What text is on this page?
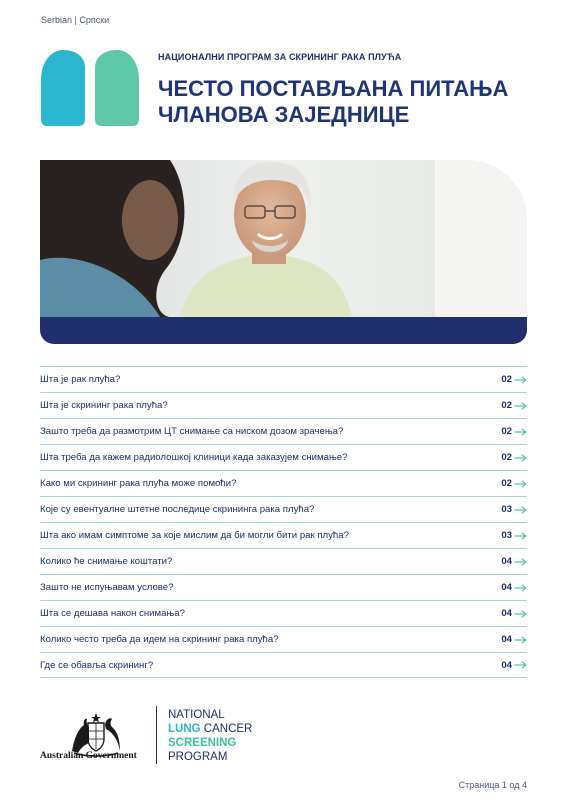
Serbian | Српски
НАЦИОНАЛНИ ПРОГРАМ ЗА СКРИНИНГ РАКА ПЛУЋА
ЧЕСТО ПОСТАВЉАНА ПИТАЊА ЧЛАНОВА ЗАЈЕДНИЦЕ
Шта је рак плућа?	02
Шта је скрининг рака плућа?	02
Зашто треба да размотрим ЦТ снимање са ниском дозом зрачења?	02
Шта треба да кажем радиолошкој клиници када заказујем снимање?	02
Како ми скрининг рака плућа може помоћи?	02
Које су евентуалне штетне последице скрининга рака плућа?	03
Шта ако имам симптоме за које мислим да би могли бити рак плућа?	03
Колико ће снимање коштати?	04
Зашто не испуњавам услове?	04
Шта се дешава након снимања?	04
Колико често треба да идем на скрининг рака плућа?	04
Где се обавља скрининг?	04
Australian Government
NATIONAL
LUNG CANCER
SCREENING
PROGRAM
Страница 1 од 4
